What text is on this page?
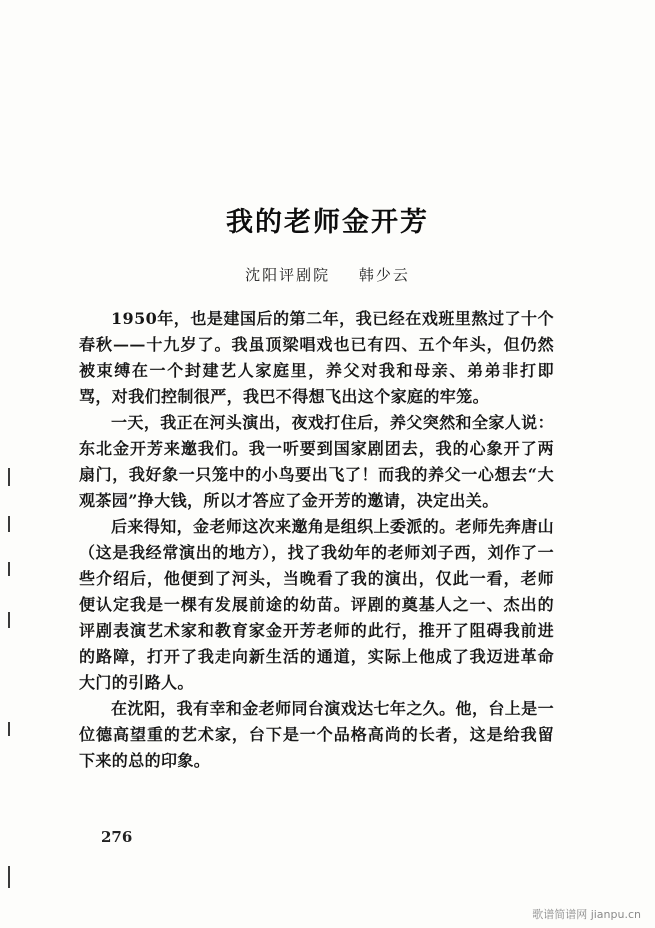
我的老师金开芳
沈阳评剧院 韩少云

1950年，也是建国后的第二年，我已经在戏班里熬过了十个春秋——十九岁了。我虽顶梁唱戏也已有四、五个年头，但仍然被束缚在一个封建艺人家庭里，养父对我和母亲、弟弟非打即骂，对我们控制很严，我巴不得想飞出这个家庭的牢笼。

一天，我正在河头演出，夜戏打住后，养父突然和全家人说：东北金开芳来邀我们。我一听要到国家剧团去，我的心象开了两扇门，我好象一只笼中的小鸟要出飞了！而我的养父一心想去“大观茶园”挣大钱，所以才答应了金开芳的邀请，决定出关。

后来得知，金老师这次来邀角是组织上委派的。老师先奔唐山（这是我经常演出的地方），找了我幼年的老师刘子西，刘作了一些介绍后，他便到了河头，当晚看了我的演出，仅此一看，老师便认定我是一棵有发展前途的幼苗。评剧的奠基人之一、杰出的评剧表演艺术家和教育家金开芳老师的此行，推开了阻碍我前进的路障，打开了我走向新生活的通道，实际上他成了我迈进革命大门的引路人。

在沈阳，我有幸和金老师同台演戏达七年之久。他，台上是一位德高望重的艺术家，台下是一个品格高尚的长者，这是给我留下来的总的印象。

276
歌谱简谱网 jianpu.cn
